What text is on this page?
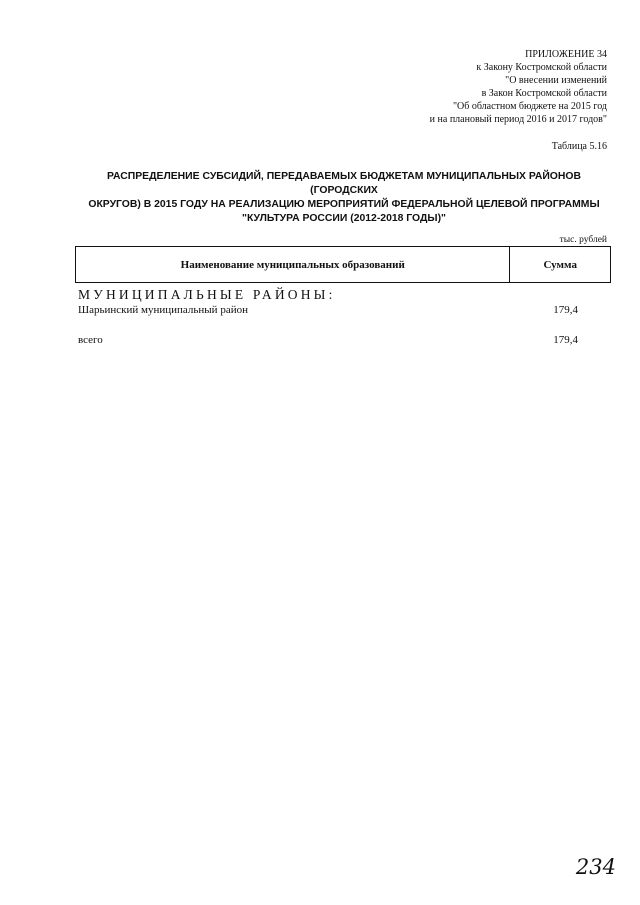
ПРИЛОЖЕНИЕ 34
к Закону Костромской области
"О внесении изменений
в Закон Костромской области
"Об областном бюджете на 2015 год
и на плановый период 2016 и 2017 годов"
Таблица 5.16
РАСПРЕДЕЛЕНИЕ СУБСИДИЙ, ПЕРЕДАВАЕМЫХ БЮДЖЕТАМ МУНИЦИПАЛЬНЫХ РАЙОНОВ (ГОРОДСКИХ
ОКРУГОВ) В 2015 ГОДУ НА РЕАЛИЗАЦИЮ МЕРОПРИЯТИЙ ФЕДЕРАЛЬНОЙ ЦЕЛЕВОЙ ПРОГРАММЫ
"КУЛЬТУРА РОССИИ (2012-2018 ГОДЫ)"
тыс. рублей
Наименование муниципальных образований	Сумма
МУНИЦИПАЛЬНЫЕ РАЙОНЫ:
Шарьинский муниципальный район	179,4
всего	179,4
234
